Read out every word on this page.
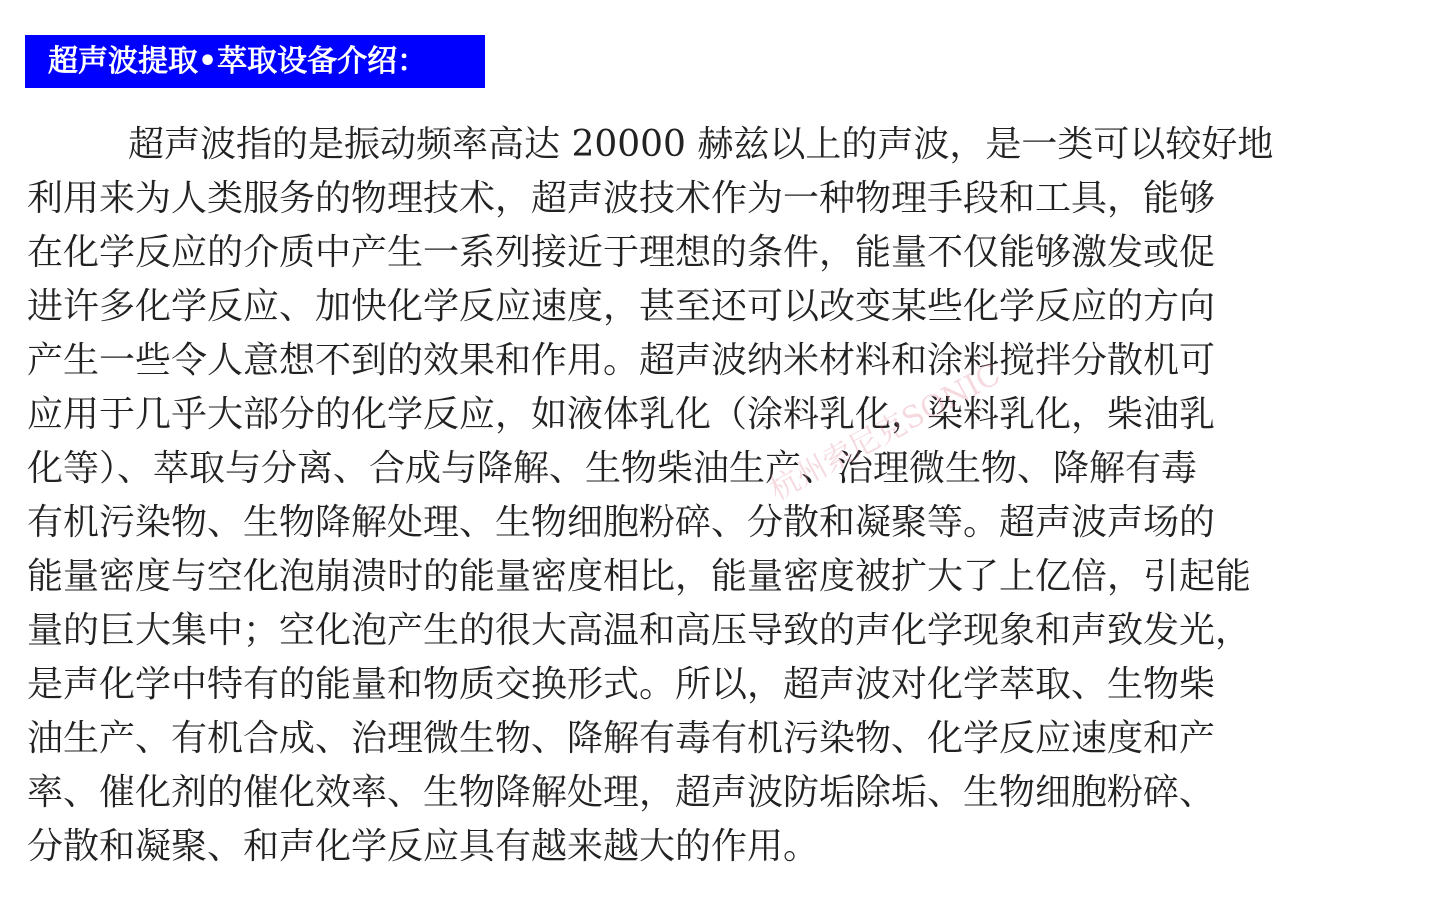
超声波提取•萃取设备介绍：
超声波指的是振动频率高达 20000 赫兹以上的声波，是一类可以较好地
利用来为人类服务的物理技术，超声波技术作为一种物理手段和工具，能够
在化学反应的介质中产生一系列接近于理想的条件，能量不仅能够激发或促
进许多化学反应、加快化学反应速度，甚至还可以改变某些化学反应的方向
产生一些令人意想不到的效果和作用。超声波纳米材料和涂料搅拌分散机可
应用于几乎大部分的化学反应，如液体乳化（涂料乳化，染料乳化，柴油乳
化等）、萃取与分离、合成与降解、生物柴油生产、治理微生物、降解有毒
有机污染物、生物降解处理、生物细胞粉碎、分散和凝聚等。超声波声场的
能量密度与空化泡崩溃时的能量密度相比，能量密度被扩大了上亿倍，引起能
量的巨大集中；空化泡产生的很大高温和高压导致的声化学现象和声致发光，
是声化学中特有的能量和物质交换形式。所以，超声波对化学萃取、生物柴
油生产、有机合成、治理微生物、降解有毒有机污染物、化学反应速度和产
率、催化剂的催化效率、生物降解处理，超声波防垢除垢、生物细胞粉碎、
分散和凝聚、和声化学反应具有越来越大的作用。
杭州索尼克SONIC
